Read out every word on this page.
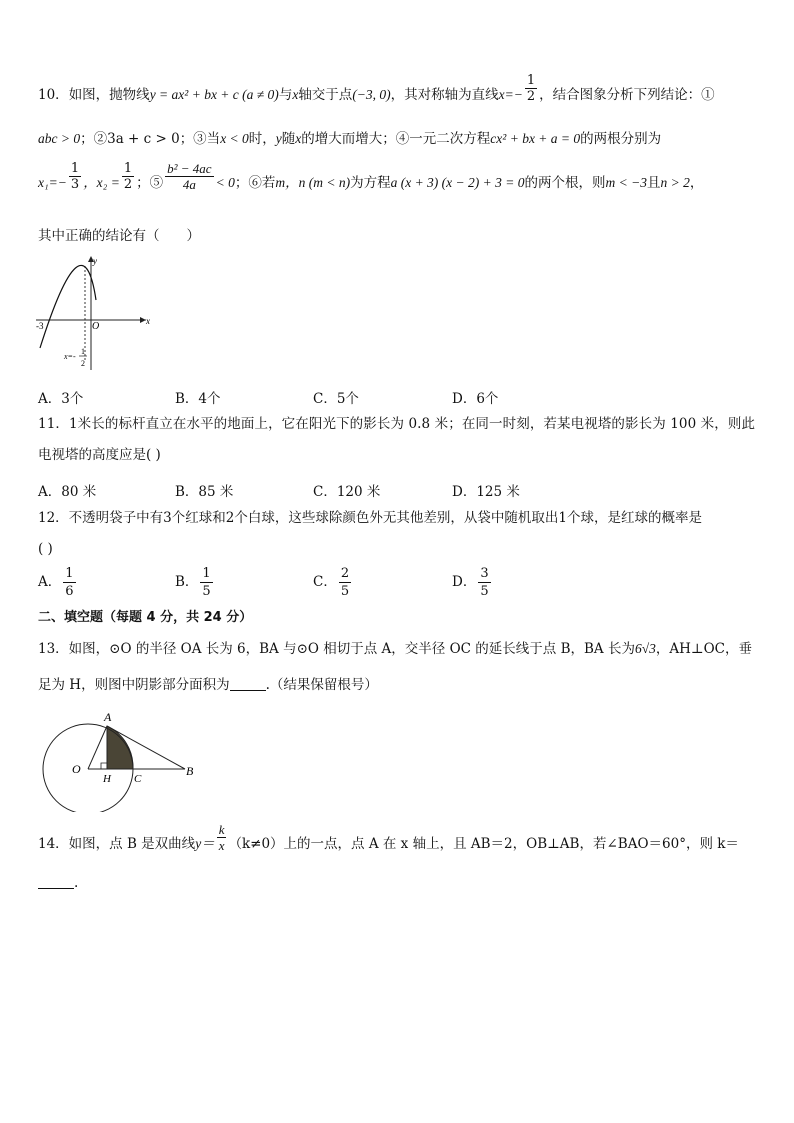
10．如图，抛物线y = ax² + bx + c (a ≠ 0)与x轴交于点(−3, 0)，其对称轴为直线$x=- \frac{1}{2}$ ，结合图象分析下列结论：①
abc > 0；②3a + c > 0；③当x < 0时，y随x的增大而增大；④一元二次方程cx² + bx + a = 0的两根分别为
$x_1=- \frac{1}{3}$ ，$x_2 = \frac{1}{2}$ ；⑤ $\frac{\text{b² − 4ac}}{4a} < 0$；⑥若m，n (m < n)为方程a (x + 3) (x − 2) + 3 = 0的两个根，则m < −3且n > 2，
其中正确的结论有（　　）
y
x
O
-3
x=-
1
2
A．3个	B．4个	C．5个	D．6个
11．1米长的标杆直立在水平的地面上，它在阳光下的影长为 0.8 米；在同一时刻，若某电视塔的影长为 100 米，则此
电视塔的高度应是( )
A．80 米	B．85 米	C．120 米	D．125 米
12．不透明袋子中有3个红球和2个白球，这些球除颜色外无其他差别，从袋中随机取出1个球，是红球的概率是
( )
A． $\frac{1}{6}$	B． $\frac{1}{5}$	C． $\frac{2}{5}$	D． $\frac{3}{5}$
二、填空题（每题 4 分，共 24 分）
13．如图，⊙O 的半径 OA 长为 6，BA 与⊙O 相切于点 A，交半径 OC 的延长线于点 B，BA 长为6√3，AH⊥OC，垂
足为 H，则图中阴影部分面积为	.（结果保留根号）
A
O
H C
B
14．如图，点 B 是双曲线$y= \frac{k}{x} (k\ne 0)$上的一点，点 A 在 x 轴上，且 AB＝2，OB⊥AB，若∠BAO＝60°，则 k＝
.
